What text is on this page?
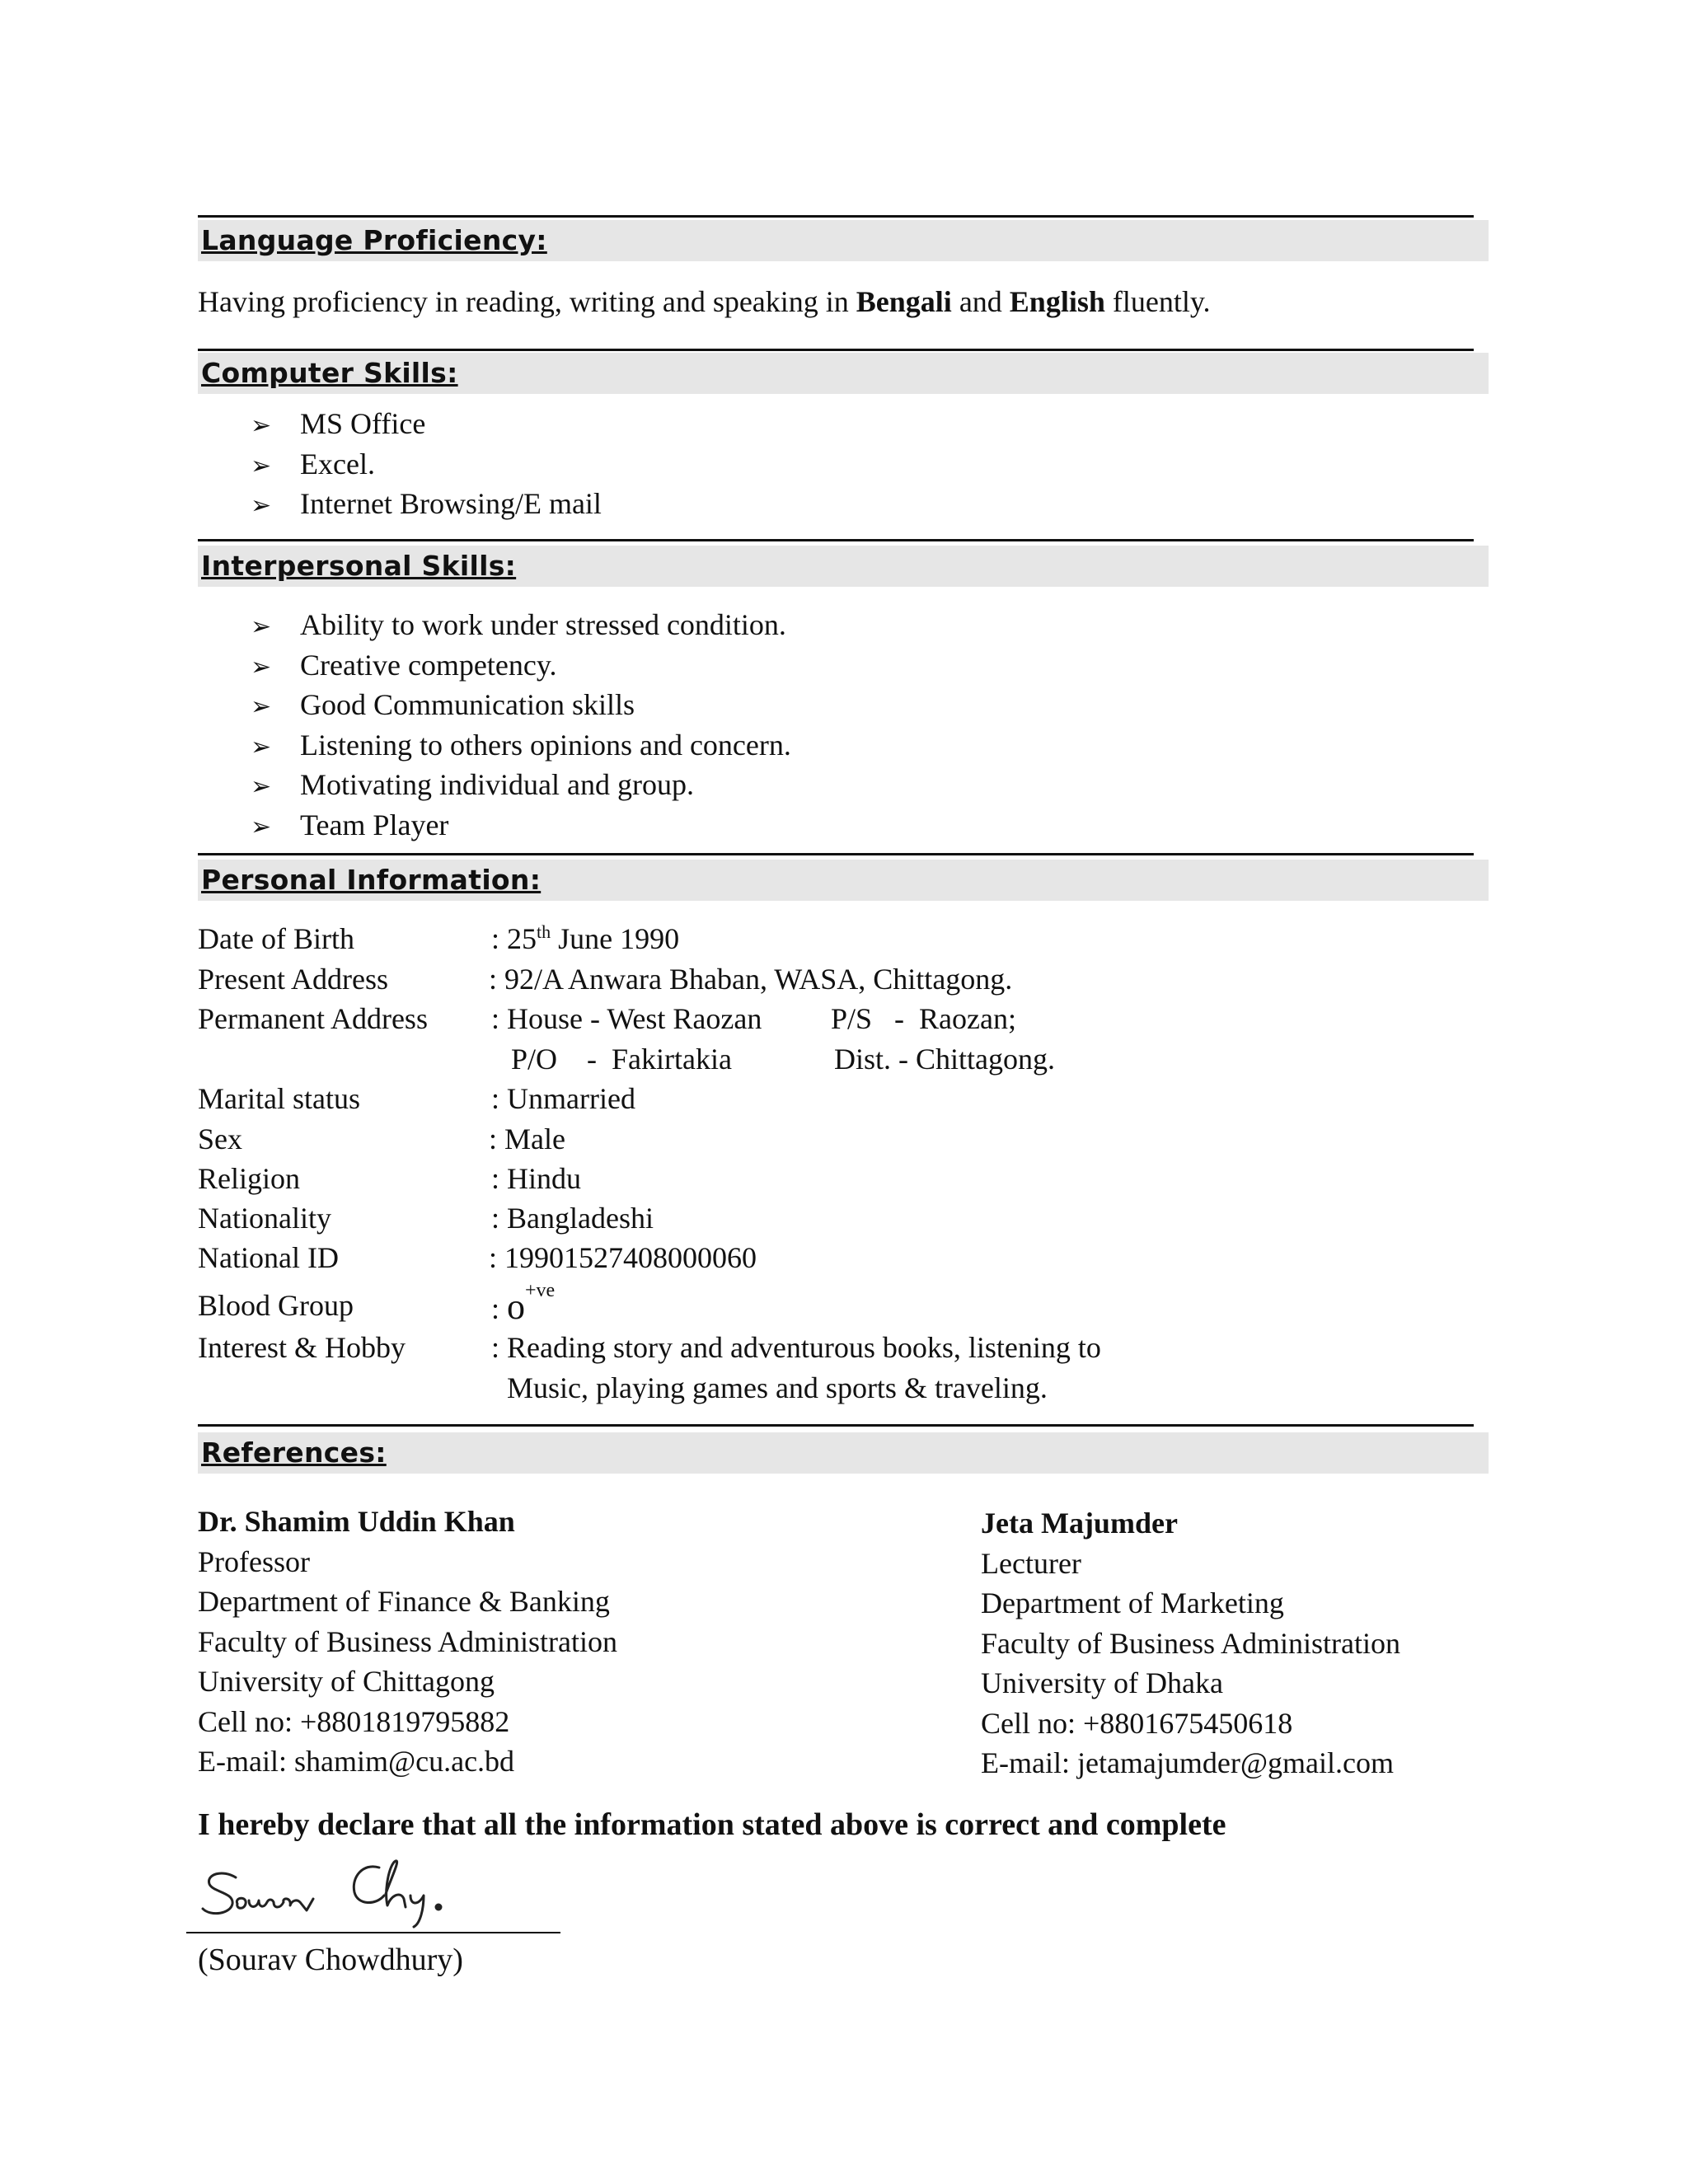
Language Proficiency:
Having proficiency in reading, writing and speaking in Bengali and English fluently.
Computer Skills:
➢ MS Office
➢ Excel.
➢ Internet Browsing/E mail
Interpersonal Skills:
➢ Ability to work under stressed condition.
➢ Creative competency.
➢ Good Communication skills
➢ Listening to others opinions and concern.
➢ Motivating individual and group.
➢ Team Player
Personal Information:
Date of Birth	: 25th June 1990
Present Address	: 92/A Anwara Bhaban, WASA, Chittagong.
Permanent Address : House - West Raozan P/S   -  Raozan;
P/O    -  Fakirtakia	Dist. - Chittagong.
Marital status	: Unmarried
Sex	: Male
Religion	: Hindu
Nationality	: Bangladeshi
National ID	: 19901527408000060
Blood Group	: $o^{+ve}$
Interest & Hobby	: Reading story and adventurous books, listening to
Music, playing games and sports & traveling.
References:
Dr. Shamim Uddin Khan
Professor
Department of Finance & Banking
Faculty of Business Administration
University of Chittagong
Cell no: +8801819795882
E-mail: shamim@cu.ac.bd
Jeta Majumder
Lecturer
Department of Marketing
Faculty of Business Administration
University of Dhaka
Cell no: +8801675450618
E-mail: jetamajumder@gmail.com
I hereby declare that all the information stated above is correct and complete
(Sourav Chowdhury)
